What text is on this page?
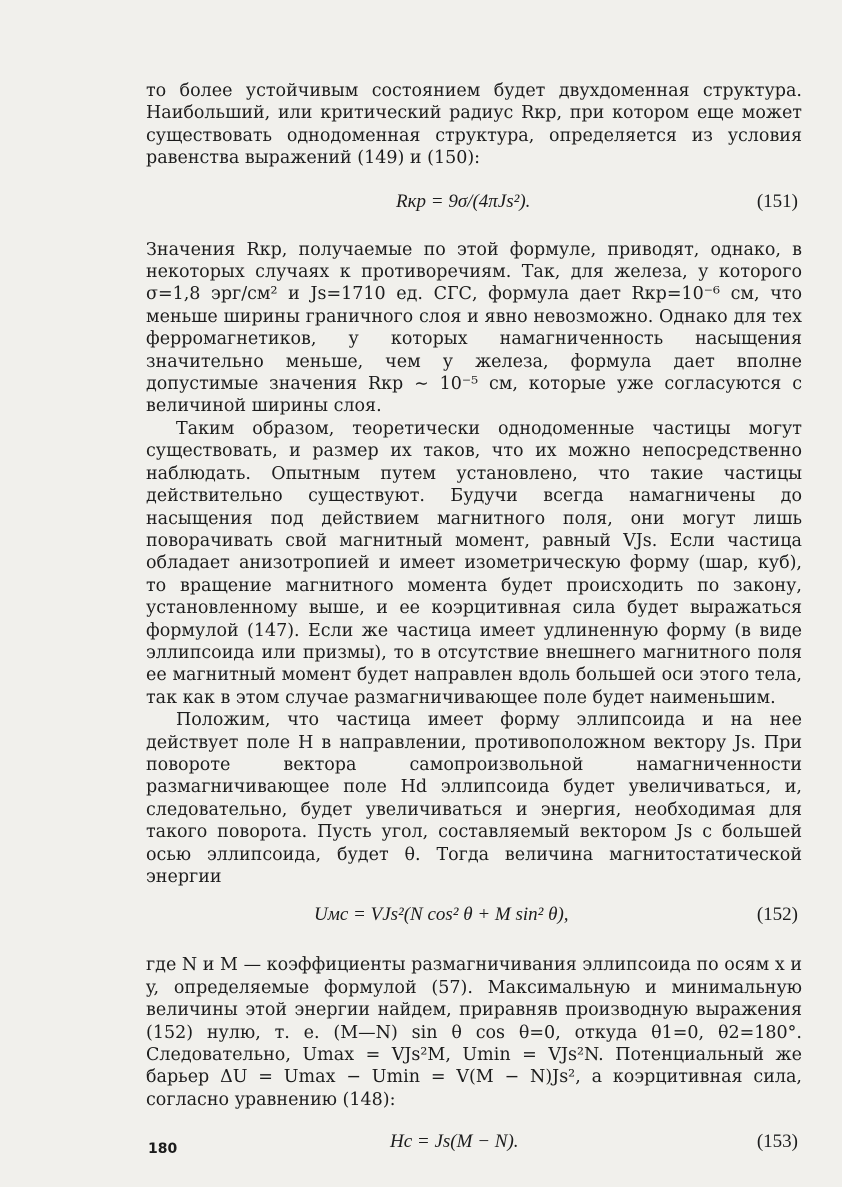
то более устойчивым состоянием будет двухдоменная структура. Наибольший, или критический радиус Rкр, при котором еще может существовать однодоменная структура, определяется из условия равенства выражений (149) и (150):

Rкр = 9σ/(4πJs²).	(151)

Значения Rкр, получаемые по этой формуле, приводят, однако, в некоторых случаях к противоречиям. Так, для железа, у которого σ=1,8 эрг/см² и Js=1710 ед. СГС, формула дает Rкр=10⁻⁶ см, что меньше ширины граничного слоя и явно невозможно. Однако для тех ферромагнетиков, у которых намагниченность насыщения значительно меньше, чем у железа, формула дает вполне допустимые значения Rкр ∼ 10⁻⁵ см, которые уже согласуются с величиной ширины слоя.

Таким образом, теоретически однодоменные частицы могут существовать, и размер их таков, что их можно непосредственно наблюдать. Опытным путем установлено, что такие частицы действительно существуют. Будучи всегда намагничены до насыщения под действием магнитного поля, они могут лишь поворачивать свой магнитный момент, равный VJs. Если частица обладает анизотропией и имеет изометрическую форму (шар, куб), то вращение магнитного момента будет происходить по закону, установленному выше, и ее коэрцитивная сила будет выражаться формулой (147). Если же частица имеет удлиненную форму (в виде эллипсоида или призмы), то в отсутствие внешнего магнитного поля ее магнитный момент будет направлен вдоль большей оси этого тела, так как в этом случае размагничивающее поле будет наименьшим.

Положим, что частица имеет форму эллипсоида и на нее действует поле H в направлении, противоположном вектору Js. При повороте вектора самопроизвольной намагниченности размагничивающее поле Hd эллипсоида будет увеличиваться, и, следовательно, будет увеличиваться и энергия, необходимая для такого поворота. Пусть угол, составляемый вектором Js с большей осью эллипсоида, будет θ. Тогда величина магнитостатической энергии

Uмс = VJs²(N cos² θ + M sin² θ),	(152)

где N и M — коэффициенты размагничивания эллипсоида по осям x и y, определяемые формулой (57). Максимальную и минимальную величины этой энергии найдем, приравняв производную выражения (152) нулю, т. е. (M—N) sin θ cos θ=0, откуда θ1=0, θ2=180°. Следовательно, Umax = VJs²M, Umin = VJs²N. Потенциальный же барьер ΔU = Umax − Umin = V(M − N)Js², а коэрцитивная сила, согласно уравнению (148):

Hc = Js(M − N).	(153)
180
